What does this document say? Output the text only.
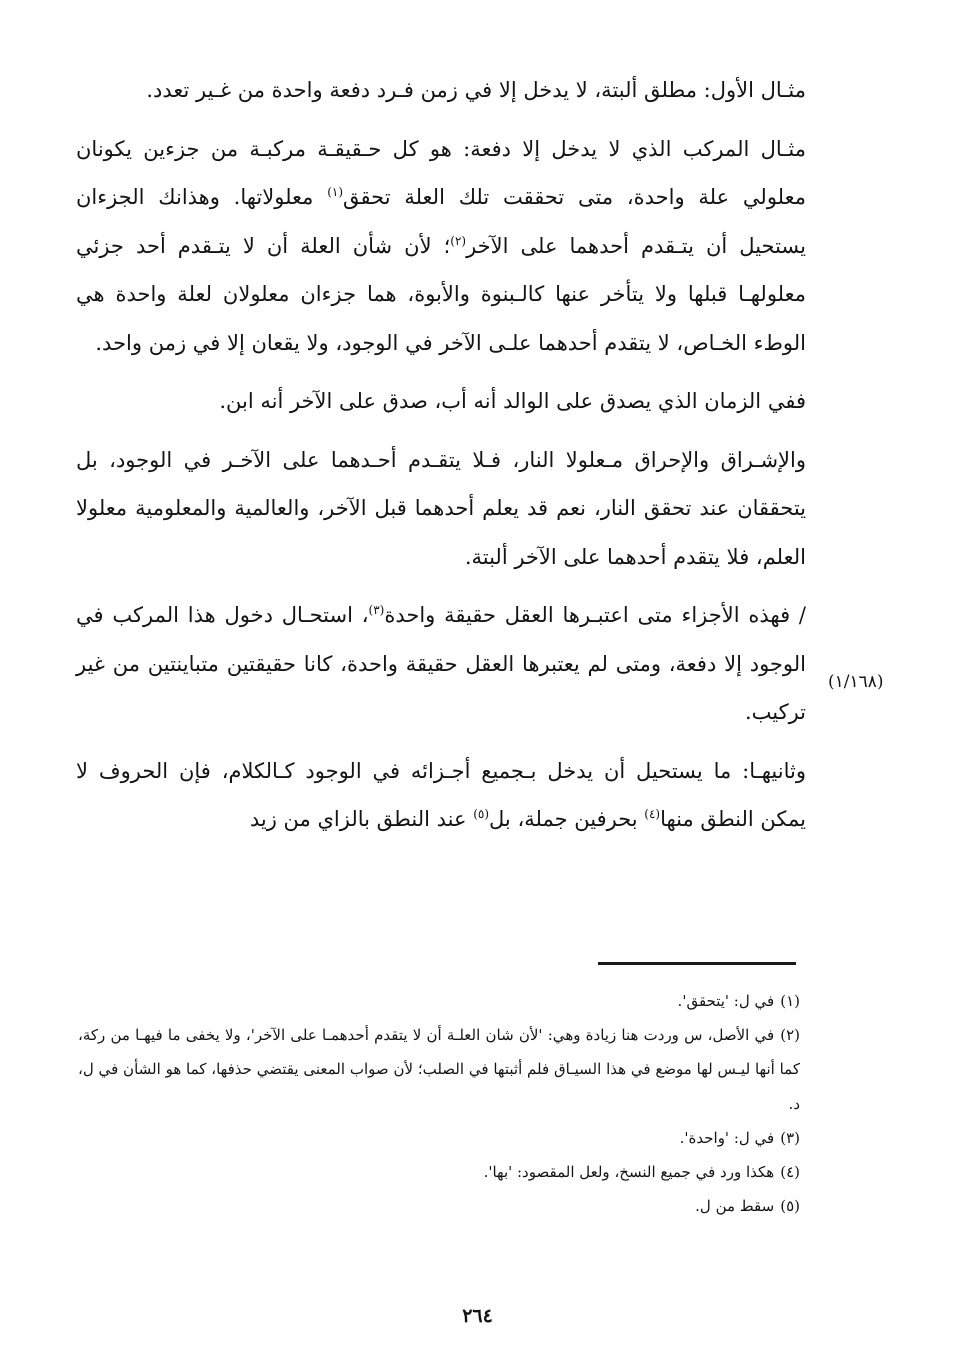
مثـال الأول: مطلق ألبتة، لا يدخل إلا في زمن فـرد دفعة واحدة من غـير تعدد.

مثـال المركب الذي لا يدخل إلا دفعة: هو كل حـقيقـة مركبـة من جزءين يكونان معلولي علة واحدة، متى تحققت تلك العلة تحقق$^{(١)}$ معلولاتها. وهذانك الجزءان يستحيل أن يتـقدم أحدهما على الآخر$^{(٢)}$؛ لأن شأن العلة أن لا يتـقدم أحد جزئي معلولهـا قبلها ولا يتأخر عنها كالـبنوة والأبوة، هما جزءان معلولان لعلة واحدة هي الوطء الخـاص، لا يتقدم أحدهما علـى الآخر في الوجود، ولا يقعان إلا في زمن واحد.

ففي الزمان الذي يصدق على الوالد أنه أب، صدق على الآخر أنه ابن.

والإشـراق والإحراق مـعلولا النار، فـلا يتقـدم أحـدهما على الآخـر في الوجود، بل يتحققان عند تحقق النار، نعم قد يعلم أحدهما قبل الآخر، والعالمية والمعلومية معلولا العلم، فلا يتقدم أحدهما على الآخر ألبتة.

/ فهذه الأجزاء متى اعتبـرها العقل حقيقة واحدة$^{(٣)}$، استحـال دخول هذا المركب في الوجود إلا دفعة، ومتى لم يعتبرها العقل حقيقة واحدة، كانا حقيقتين متباينتين من غير تركيب.

وثانيهـا: ما يستحيل أن يدخل بـجميع أجـزائه في الوجود كـالكلام، فإن الحروف لا يمكن النطق منها$^{(٤)}$ بحرفين جملة، بل$^{(٥)}$ عند النطق بالزاي من زيد

(١/١٦٨)

(١)في ل: 'يتحقق'.

(٢)في الأصل، س وردت هنا زيادة وهي: 'لأن شان العلـة أن لا يتقدم أحدهمـا على الآخر'، ولا يخفى ما فيهـا من ركة، كما أنها ليـس لها موضع في هذا السيـاق فلم أثبتها في الصلب؛ لأن صواب المعنى يقتضي حذفها، كما هو الشأن في ل، د.

(٣)في ل: 'واحدة'.

(٤)هكذا ورد في جميع النسخ، ولعل المقصود: 'بها'.

(٥)سقط من ل.

٢٦٤
